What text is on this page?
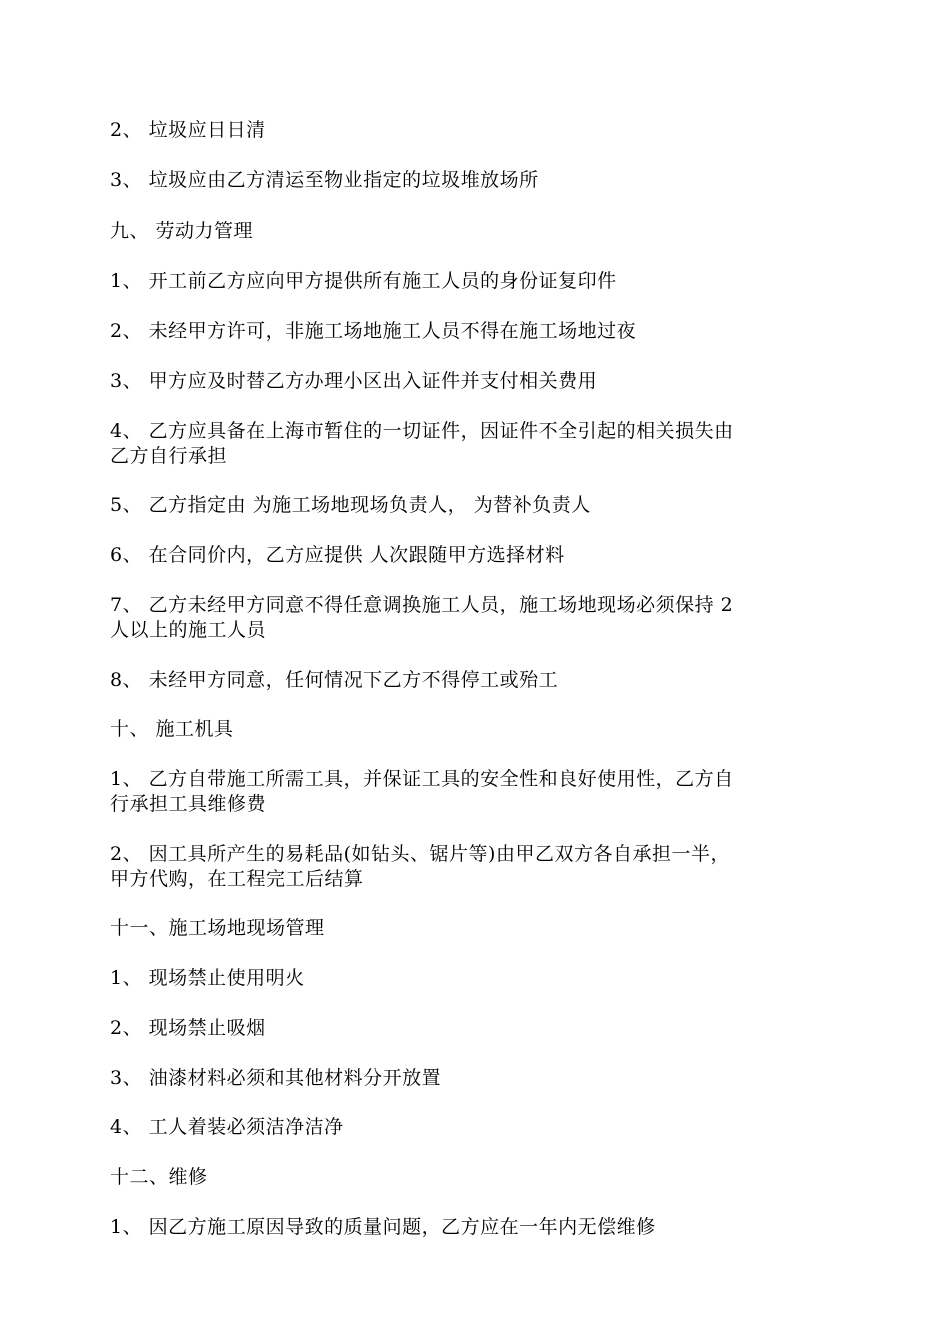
2、 垃圾应日日清
3、 垃圾应由乙方清运至物业指定的垃圾堆放场所
九、 劳动力管理
1、 开工前乙方应向甲方提供所有施工人员的身份证复印件
2、 未经甲方许可，非施工场地施工人员不得在施工场地过夜
3、 甲方应及时替乙方办理小区出入证件并支付相关费用
4、 乙方应具备在上海市暂住的一切证件，因证件不全引起的相关损失由
乙方自行承担
5、 乙方指定由 为施工场地现场负责人， 为替补负责人
6、 在合同价内，乙方应提供 人次跟随甲方选择材料
7、 乙方未经甲方同意不得任意调换施工人员，施工场地现场必须保持 2
人以上的施工人员
8、 未经甲方同意，任何情况下乙方不得停工或殆工
十、 施工机具
1、 乙方自带施工所需工具，并保证工具的安全性和良好使用性，乙方自
行承担工具维修费
2、 因工具所产生的易耗品(如钻头、锯片等)由甲乙双方各自承担一半，
甲方代购，在工程完工后结算
十一、施工场地现场管理
1、 现场禁止使用明火
2、 现场禁止吸烟
3、 油漆材料必须和其他材料分开放置
4、 工人着装必须洁净洁净
十二、维修
1、 因乙方施工原因导致的质量问题，乙方应在一年内无偿维修
